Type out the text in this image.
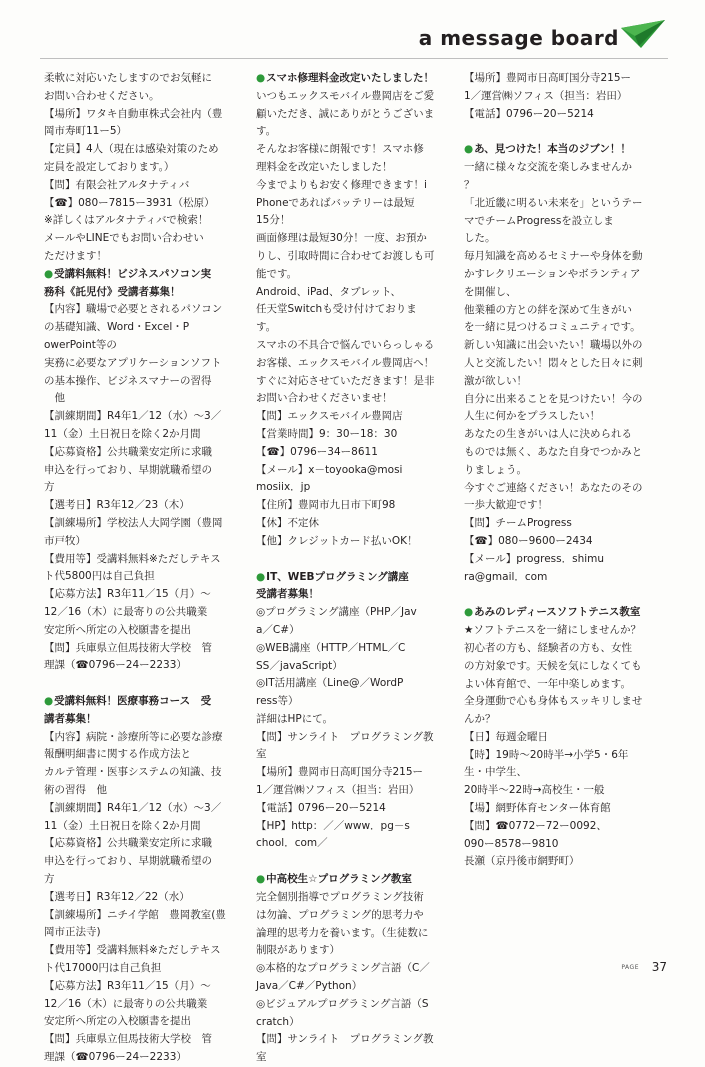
a message board

柔軟に対応いたしますのでお気軽に

お問い合わせください。

【場所】ワタキ自動車株式会社内（豊

岡市寿町11ー5）

【定員】4人（現在は感染対策のため

定員を設定しております。）

【問】有限会社アルタナティバ

【☎】080ー7815ー3931（松原）

※詳しくはアルタナティバで検索！

メールやLINEでもお問い合わせい

ただけます！

● 受講料無料！ビジネスパソコン実

務科《託児付》受講者募集！

【内容】職場で必要とされるパソコン

の基礎知識、Word・Excel・P

owerPoint等の

実務に必要なアプリケーションソフト

の基本操作、ビジネスマナーの習得

　他

【訓練期間】R4年1／12（水）～3／

11（金）土日祝日を除く2か月間

【応募資格】公共職業安定所に求職

申込を行っており、早期就職希望の

方

【選考日】R3年12／23（木）

【訓練場所】学校法人大岡学園（豊岡

市戸牧）

【費用等】受講料無料※ただしテキス

ト代5800円は自己負担

【応募方法】R3年11／15（月）～

12／16（木）に最寄りの公共職業

安定所へ所定の入校願書を提出

【問】兵庫県立但馬技術大学校　管

理課（☎0796ー24ー2233）

● 受講料無料！医療事務コース　受

講者募集！

【内容】病院・診療所等に必要な診療

報酬明細書に関する作成方法と

カルテ管理・医事システムの知識、技

術の習得　他

【訓練期間】R4年1／12（水）～3／

11（金）土日祝日を除く2か月間

【応募資格】公共職業安定所に求職

申込を行っており、早期就職希望の

方

【選考日】R3年12／22（水）

【訓練場所】ニチイ学館　豊岡教室(豊

岡市正法寺)

【費用等】受講料無料※ただしテキス

ト代17000円は自己負担

【応募方法】R3年11／15（月）～

12／16（木）に最寄りの公共職業

安定所へ所定の入校願書を提出

【問】兵庫県立但馬技術大学校　管

理課（☎0796ー24ー2233）

● スマホ修理料金改定いたしました！

いつもエックスモバイル豊岡店をご愛

顧いただき、誠にありがとうございま

す。

そんなお客様に朗報です！スマホ修

理料金を改定いたしました！

今までよりもお安く修理できます！i

Phoneであればバッテリーは最短

15分！

画面修理は最短30分！一度、お預か

りし、引取時間に合わせてお渡しも可

能です。

Android、iPad、タブレット、

任天堂Switchも受け付けておりま

す。

スマホの不具合で悩んでいらっしゃる

お客様、エックスモバイル豊岡店へ！

すぐに対応させていただきます！是非

お問い合わせくださいませ！

【問】エックスモバイル豊岡店

【営業時間】9：30ー18：30

【☎】0796ー34ー8611

【メール】x－toyooka@mosi

mosiix．jp

【住所】豊岡市九日市下町98

【休】不定休

【他】クレジットカード払いOK！

● IT、WEBプログラミング講座

受講者募集！

◎プログラミング講座（PHP／Jav

a／C#）

◎WEB講座（HTTP／HTML／C

SS／javaScript）

◎IT活用講座（Line@／WordP

ress等）

詳細はHPにて。

【問】サンライト　プログラミング教

室

【場所】豊岡市日高町国分寺215ー

1／運営㈱ソフィス（担当：岩田）

【電話】0796ー20ー5214

【HP】http：／／www．pg－s

chool．com／

● 中高校生☆プログラミング教室

完全個別指導でプログラミング技術

は勿論、プログラミング的思考力や

論理的思考力を養います。（生徒数に

制限があります）

◎本格的なプログラミング言語（C／

Java／C#／Python）

◎ビジュアルプログラミング言語（S

cratch）

【問】サンライト　プログラミング教

室

【場所】豊岡市日高町国分寺215ー

1／運営㈱ソフィス（担当：岩田）

【電話】0796ー20ー5214

● あ、見つけた！本当のジブン！！

一緒に様々な交流を楽しみませんか

？

「北近畿に明るい未来を」というテー

マでチームProgressを設立しま

した。

毎月知識を高めるセミナーや身体を動

かすレクリエーションやボランティア

を開催し、

他業種の方との絆を深めて生きがい

を一緒に見つけるコミュニティです。

新しい知識に出会いたい！職場以外の

人と交流したい！悶々とした日々に刺

激が欲しい！

自分に出来ることを見つけたい！今の

人生に何かをプラスしたい！

あなたの生きがいは人に決められる

ものでは無く、あなた自身でつかみと

りましょう。

今すぐご連絡ください！あなたのその

一歩大歓迎です！

【問】チームProgress

【☎】080ー9600ー2434

【メール】progress．shimu

ra@gmail．com

● あみのレディースソフトテニス教室

★ソフトテニスを一緒にしませんか？

初心者の方も、経験者の方も、女性

の方対象です。天候を気にしなくても

よい体育館で、一年中楽しめます。

全身運動で心も身体もスッキリしませ

んか？

【日】毎週金曜日

【時】19時～20時半→小学5・6年

生・中学生、

20時半～22時→高校生・一般

【場】網野体育センター体育館

【問】☎0772ー72ー0092、

090ー8578ー9810

長瀬（京丹後市網野町）

PAGE 37
